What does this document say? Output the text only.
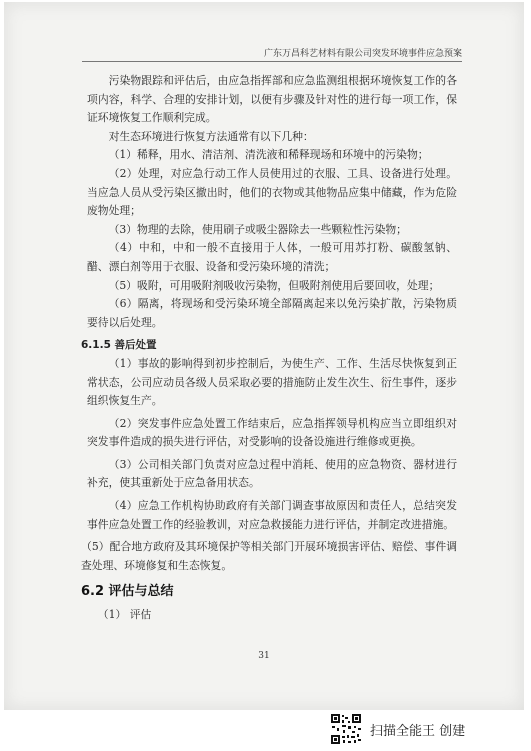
广东万昌科艺材料有限公司突发环境事件应急预案

污染物跟踪和评估后，由应急指挥部和应急监测组根据环境恢复工作的各项内容，科学、合理的安排计划，以便有步骤及针对性的进行每一项工作，保证环境恢复工作顺利完成。

对生态环境进行恢复方法通常有以下几种：

（1）稀释，用水、清洁剂、清洗液和稀释现场和环境中的污染物；

（2）处理，对应急行动工作人员使用过的衣服、工具、设备进行处理。当应急人员从受污染区撤出时，他们的衣物或其他物品应集中储藏，作为危险废物处理；

（3）物理的去除，使用刷子或吸尘器除去一些颗粒性污染物；

（4）中和，中和一般不直接用于人体，一般可用苏打粉、碳酸氢钠、醋、漂白剂等用于衣服、设备和受污染环境的清洗；

（5）吸附，可用吸附剂吸收污染物，但吸附剂使用后要回收，处理；

（6）隔离，将现场和受污染环境全部隔离起来以免污染扩散，污染物质要待以后处理。

6.1.5 善后处置

（1）事故的影响得到初步控制后，为使生产、工作、生活尽快恢复到正常状态，公司应动员各级人员采取必要的措施防止发生次生、衍生事件，逐步组织恢复生产。

（2）突发事件应急处置工作结束后，应急指挥领导机构应当立即组织对突发事件造成的损失进行评估，对受影响的设备设施进行维修或更换。

（3）公司相关部门负责对应急过程中消耗、使用的应急物资、器材进行补充，使其重新处于应急备用状态。

（4）应急工作机构协助政府有关部门调查事故原因和责任人，总结突发事件应急处置工作的经验教训，对应急救援能力进行评估，并制定改进措施。

（5）配合地方政府及其环境保护等相关部门开展环境损害评估、赔偿、事件调查处理、环境修复和生态恢复。

6.2 评估与总结

（1） 评估

31
扫描全能王 创建
